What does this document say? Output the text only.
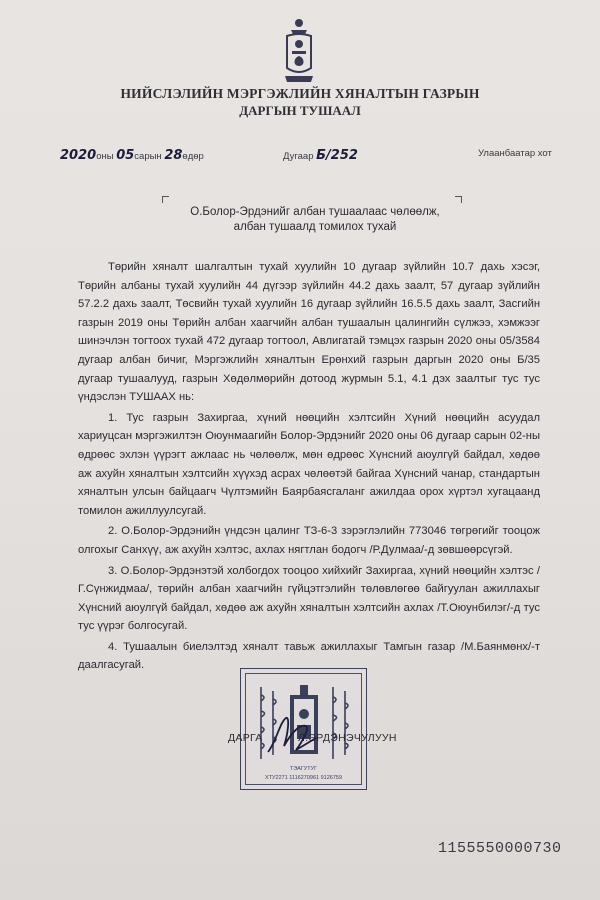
НИЙСЛЭЛИЙН МЭРГЭЖЛИЙН ХЯНАЛТЫН ГАЗРЫН
ДАРГЫН ТУШААЛ
2020оны 05сарын 28өдөр	Дугаар Б/252	Улаанбаатар хот
О.Болор-Эрдэнийг албан тушаалаас чөлөөлж,
албан тушаалд томилох тухай

Төрийн хяналт шалгалтын тухай хуулийн 10 дугаар зүйлийн 10.7 дахь хэсэг, Төрийн албаны тухай хуулийн 44 дүгээр зүйлийн 44.2 дахь заалт, 57 дугаар зүйлийн 57.2.2 дахь заалт, Төсвийн тухай хуулийн 16 дугаар зүйлийн 16.5.5 дахь заалт, Засгийн газрын 2019 оны Төрийн албан хаагчийн албан тушаалын цалингийн сүлжээ, хэмжээг шинэчлэн тогтоох тухай 472 дугаар тогтоол, Авлигатай тэмцэх газрын 2020 оны 05/3584 дугаар албан бичиг, Мэргэжлийн хяналтын Ерөнхий газрын даргын 2020 оны Б/35 дугаар тушаалууд, газрын Хөдөлмөрийн дотоод журмын 5.1, 4.1 дэх заалтыг тус тус үндэслэн ТУШААХ нь:

1. Тус газрын Захиргаа, хүний нөөцийн хэлтсийн Хүний нөөцийн асуудал хариуцсан мэргэжилтэн Оюунмаагийн Болор-Эрдэнийг 2020 оны 06 дугаар сарын 02-ны өдрөөс эхлэн үүрэгт ажлаас нь чөлөөлж, мөн өдрөөс Хүнсний аюулгүй байдал, хөдөө аж ахуйн хяналтын хэлтсийн хүүхэд асрах чөлөөтэй байгаа Хүнсний чанар, стандартын хяналтын улсын байцаагч Чүлтэмийн Баярбаясгаланг ажилдаа орох хүртэл хугацаанд томилон ажиллуулсугай.

2. О.Болор-Эрдэнийн үндсэн цалинг ТЗ-6-3 зэрэглэлийн 773046 төгрөгийг тооцож олгохыг Санхүү, аж ахуйн хэлтэс, ахлах нягтлан бодогч /Р.Дулмаа/-д зөвшөөрсүгэй.

3. О.Болор-Эрдэнэтэй холбогдох тооцоо хийхийг Захиргаа, хүний нөөцийн хэлтэс /Г.Сүнжидмаа/, төрийн албан хаагчийн гүйцэтгэлийн төлөвлөгөө байгуулан ажиллахыг Хүнсний аюулгүй байдал, хөдөө аж ахуйн хяналтын хэлтсийн ахлах /Т.Оюунбилэг/-д тус тус үүрэг болгосугай.

4. Тушаалын биелэлтэд хяналт тавьж ажиллахыг Тамгын газар /М.Баянмөнх/-т даалгасугай.

ТЭАГУТУГ
ХТУ2271 1116270961 9126759
ДАРГА	Л.ЭРДЭНЭЧУЛУУН
1155550000730
